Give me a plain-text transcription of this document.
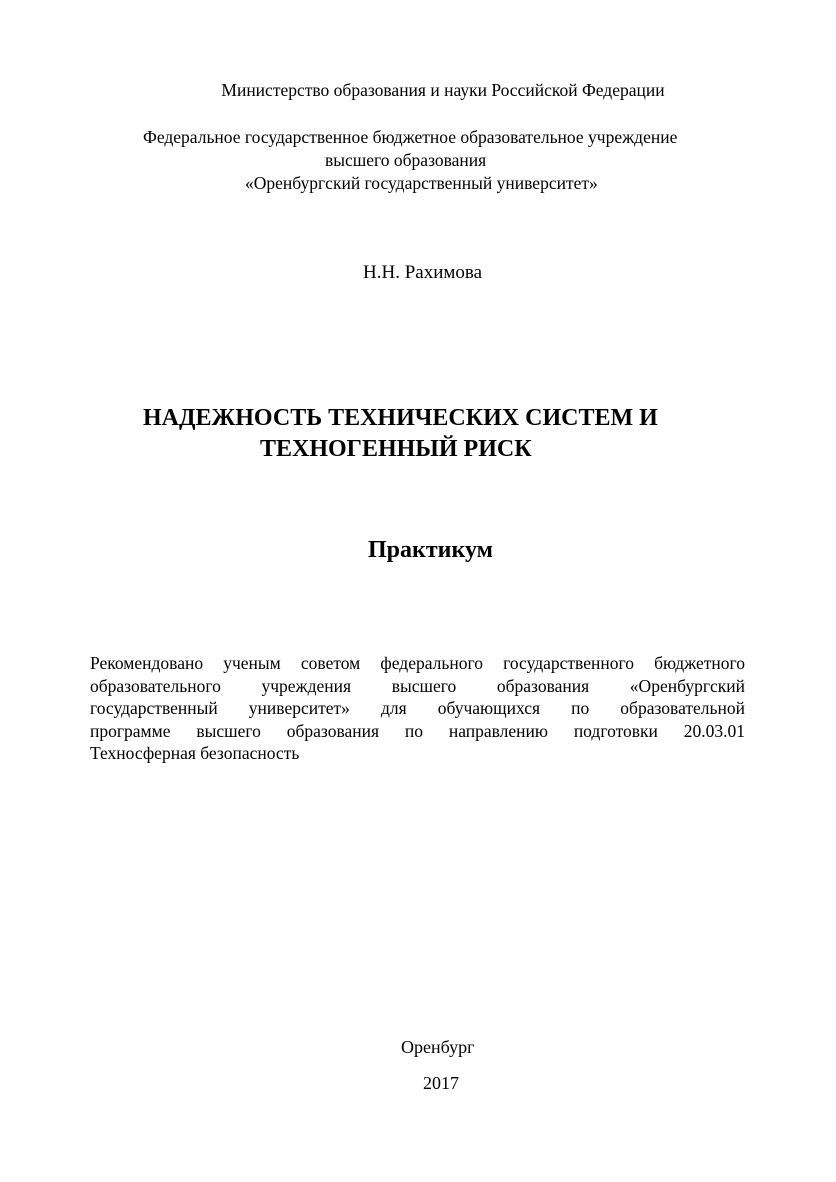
Министерство образования и науки Российской Федерации
Федеральное государственное бюджетное образовательное учреждение
высшего образования
«Оренбургский государственный университет»
Н.Н. Рахимова
НАДЕЖНОСТЬ ТЕХНИЧЕСКИХ СИСТЕМ И
ТЕХНОГЕННЫЙ РИСК
Практикум
Рекомендовано ученым советом федерального государственного бюджетного
образовательного учреждения высшего образования «Оренбургский
государственный университет» для обучающихся по образовательной
программе высшего образования по направлению подготовки 20.03.01
Техносферная безопасность
Оренбург
2017
